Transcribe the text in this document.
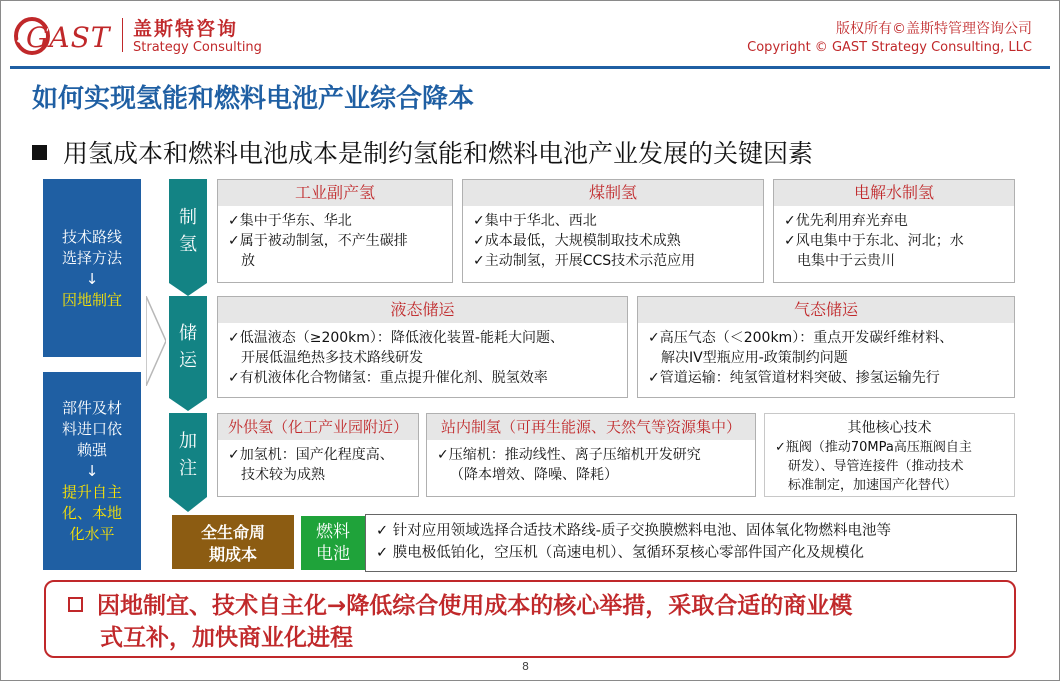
GAST 盖斯特咨询
Strategy Consulting
版权所有©盖斯特管理咨询公司
Copyright © GAST Strategy Consulting, LLC
如何实现氢能和燃料电池产业综合降本
用氢成本和燃料电池成本是制约氢能和燃料电池产业发展的关键因素
技术路线
选择方法
↓
因地制宜
部件及材
料进口依
赖强
↓
提升自主
化、本地
化水平
制
氢
储
运
加
注
工业副产氢
✓集中于华东、华北
✓属于被动制氢，不产生碳排
放
煤制氢
✓集中于华北、西北
✓成本最低，大规模制取技术成熟
✓主动制氢，开展CCS技术示范应用
电解水制氢
✓优先利用弃光弃电
✓风电集中于东北、河北；水
电集中于云贵川
液态储运
✓低温液态（≥200km）：降低液化装置-能耗大问题、
开展低温绝热多技术路线研发
✓有机液体化合物储氢：重点提升催化剂、脱氢效率
气态储运
✓高压气态（＜200km）：重点开发碳纤维材料、
解决IV型瓶应用-政策制约问题
✓管道运输：纯氢管道材料突破、掺氢运输先行
外供氢（化工产业园附近）
✓加氢机：国产化程度高、
技术较为成熟
站内制氢（可再生能源、天然气等资源集中）
✓压缩机：推动线性、离子压缩机开发研究
（降本增效、降噪、降耗）
其他核心技术
✓瓶阀（推动70MPa高压瓶阀自主
研发）、导管连接件（推动技术
标准制定，加速国产化替代）
全生命周
期成本
燃料
电池
✓ 针对应用领域选择合适技术路线-质子交换膜燃料电池、固体氧化物燃料电池等
✓ 膜电极低铂化，空压机（高速电机）、氢循环泵核心零部件国产化及规模化
因地制宜、技术自主化→降低综合使用成本的核心举措，采取合适的商业模
式互补，加快商业化进程
8
